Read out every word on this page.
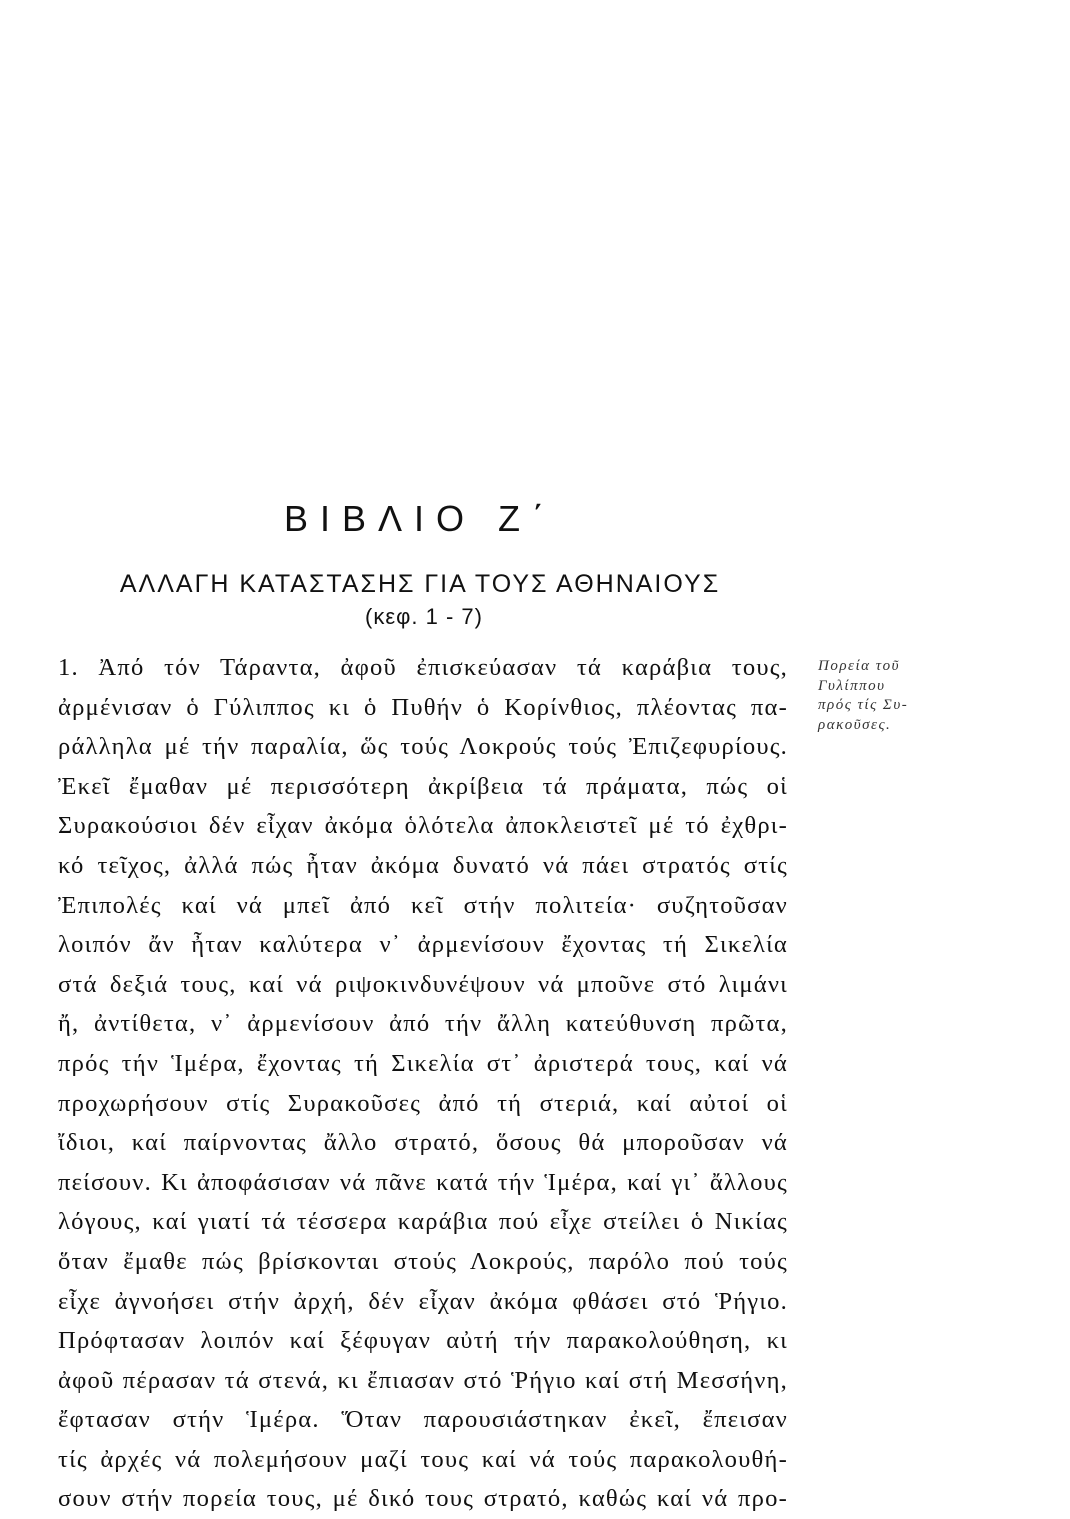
ΒΙΒΛΙΟ Ζ΄
ΑΛΛΑΓΗ ΚΑΤΑΣΤΑΣΗΣ ΓΙΑ ΤΟΥΣ ΑΘΗΝΑΙΟΥΣ
(κεφ. 1 - 7)
1. Ἀπό τόν Τάραντα, ἀφοῦ ἐπισκεύασαν τά καράβια τους,
ἀρμένισαν ὁ Γύλιππος κι ὁ Πυθήν ὁ Κορίνθιος, πλέοντας πα-
ράλληλα μέ τήν παραλία, ὥς τούς Λοκρούς τούς Ἐπιζεφυρίους.
Ἐκεῖ ἔμαθαν μέ περισσότερη ἀκρίβεια τά πράματα, πώς οἱ
Συρακούσιοι δέν εἶχαν ἀκόμα ὁλότελα ἀποκλειστεῖ μέ τό ἐχθρι-
κό τεῖχος, ἀλλά πώς ἦταν ἀκόμα δυνατό νά πάει στρατός στίς
Ἐπιπολές καί νά μπεῖ ἀπό κεῖ στήν πολιτεία· συζητοῦσαν
λοιπόν ἄν ἦταν καλύτερα ν᾽ ἀρμενίσουν ἔχοντας τή Σικελία
στά δεξιά τους, καί νά ριψοκινδυνέψουν νά μποῦνε στό λιμάνι
ἤ, ἀντίθετα, ν᾽ ἀρμενίσουν ἀπό τήν ἄλλη κατεύθυνση πρῶτα,
πρός τήν Ἱμέρα, ἔχοντας τή Σικελία στ᾽ ἀριστερά τους, καί νά
προχωρήσουν στίς Συρακοῦσες ἀπό τή στεριά, καί αὐτοί οἱ
ἴδιοι, καί παίρνοντας ἄλλο στρατό, ὅσους θά μποροῦσαν νά
πείσουν. Κι ἀποφάσισαν νά πᾶνε κατά τήν Ἱμέρα, καί γι᾽ ἄλλους
λόγους, καί γιατί τά τέσσερα καράβια πού εἶχε στείλει ὁ Νικίας
ὅταν ἔμαθε πώς βρίσκονται στούς Λοκρούς, παρόλο πού τούς
εἶχε ἀγνοήσει στήν ἀρχή, δέν εἶχαν ἀκόμα φθάσει στό Ῥήγιο.
Πρόφτασαν λοιπόν καί ξέφυγαν αὐτή τήν παρακολούθηση, κι
ἀφοῦ πέρασαν τά στενά, κι ἔπιασαν στό Ῥήγιο καί στή Μεσσήνη,
ἔφτασαν στήν Ἱμέρα. Ὅταν παρουσιάστηκαν ἐκεῖ, ἔπεισαν
τίς ἀρχές νά πολεμήσουν μαζί τους καί νά τούς παρακολουθή-
σουν στήν πορεία τους, μέ δικό τους στρατό, καθώς καί νά προ-
Πορεία τοῦ
Γυλίππου
πρός τίς Συ-
ρακοῦσες.
